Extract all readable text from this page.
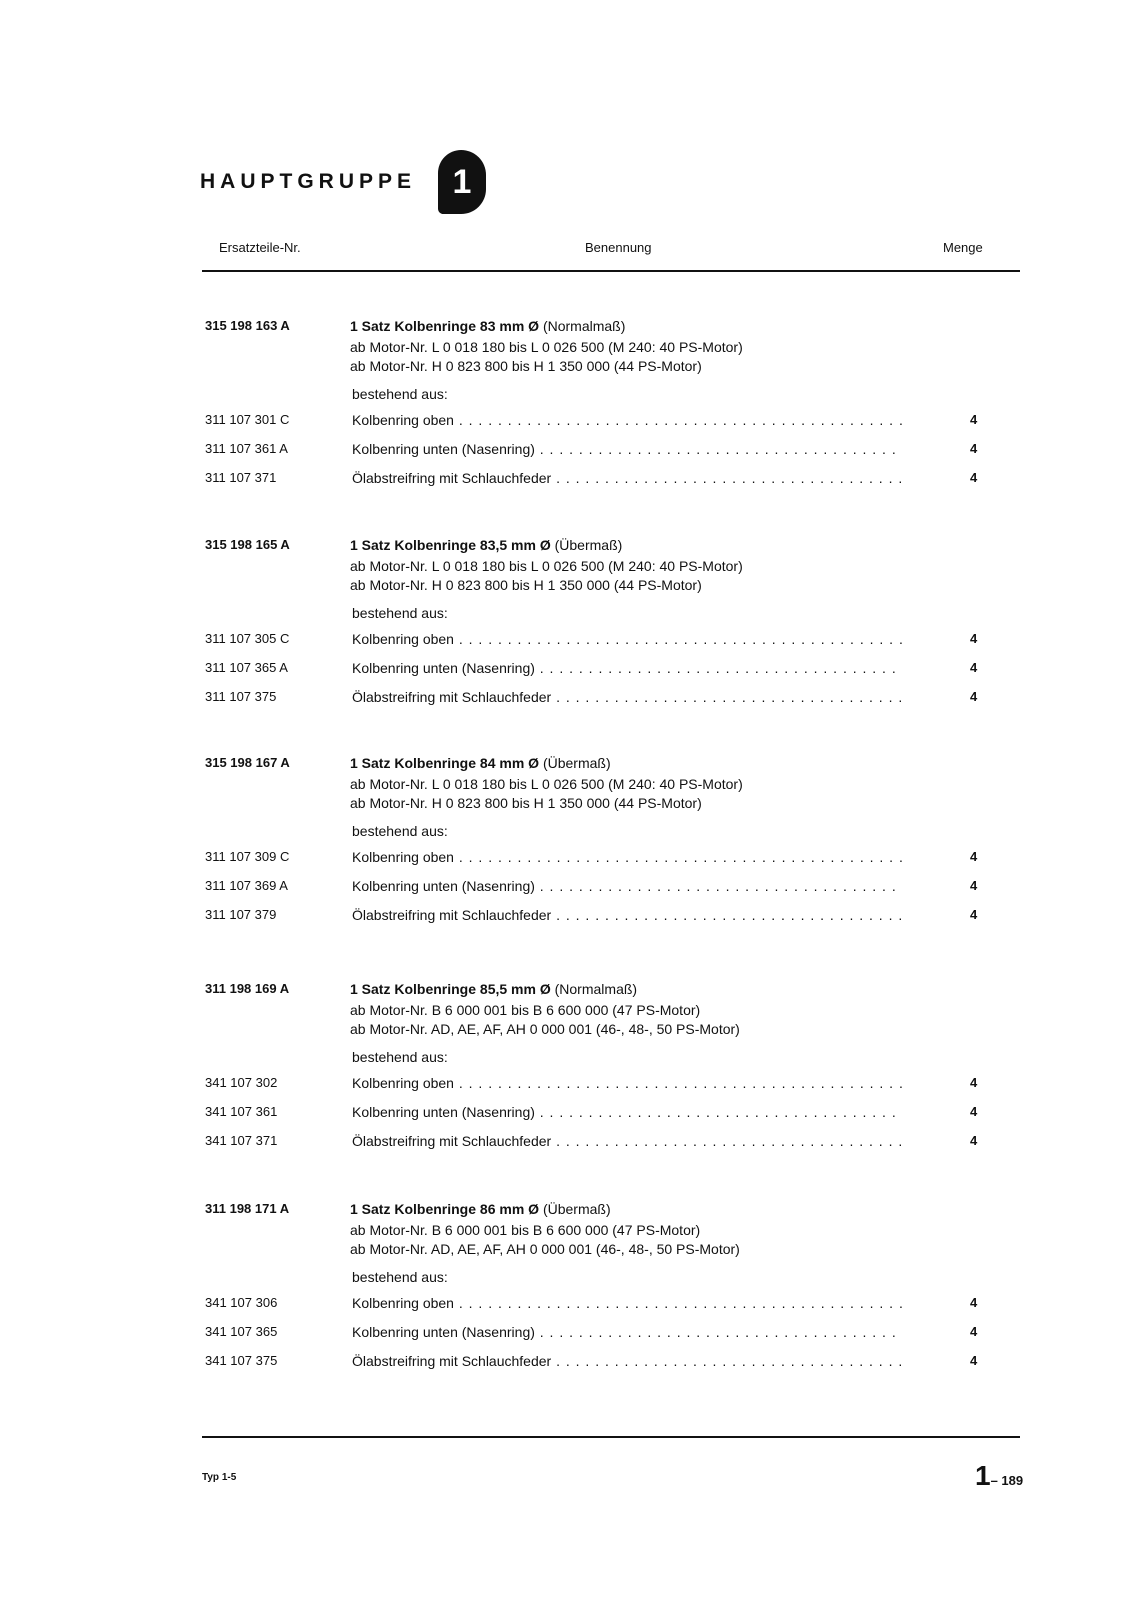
HAUPTGRUPPE	1
Ersatzteile-Nr.	Benennung	Menge
315 198 163 A	1 Satz Kolbenringe 83 mm Ø (Normalmaß)
ab Motor-Nr. L 0 018 180 bis L 0 026 500 (M 240: 40 PS-Motor)
ab Motor-Nr. H 0 823 800 bis H 1 350 000 (44 PS-Motor)
bestehend aus:
311 107 301 C	Kolbenring oben . . .	4
311 107 361 A	Kolbenring unten (Nasenring) . . .	4
311 107 371	Ölabstreifring mit Schlauchfeder . . .	4
315 198 165 A	1 Satz Kolbenringe 83,5 mm Ø (Übermaß)
ab Motor-Nr. L 0 018 180 bis L 0 026 500 (M 240: 40 PS-Motor)
ab Motor-Nr. H 0 823 800 bis H 1 350 000 (44 PS-Motor)
bestehend aus:
311 107 305 C	Kolbenring oben . . .	4
311 107 365 A	Kolbenring unten (Nasenring) . . .	4
311 107 375	Ölabstreifring mit Schlauchfeder . . .	4
315 198 167 A	1 Satz Kolbenringe 84 mm Ø (Übermaß)
ab Motor-Nr. L 0 018 180 bis L 0 026 500 (M 240: 40 PS-Motor)
ab Motor-Nr. H 0 823 800 bis H 1 350 000 (44 PS-Motor)
bestehend aus:
311 107 309 C	Kolbenring oben . . .	4
311 107 369 A	Kolbenring unten (Nasenring) . . .	4
311 107 379	Ölabstreifring mit Schlauchfeder . . .	4
311 198 169 A	1 Satz Kolbenringe 85,5 mm Ø (Normalmaß)
ab Motor-Nr. B 6 000 001 bis B 6 600 000 (47 PS-Motor)
ab Motor-Nr. AD, AE, AF, AH 0 000 001 (46-, 48-, 50 PS-Motor)
bestehend aus:
341 107 302	Kolbenring oben . . .	4
341 107 361	Kolbenring unten (Nasenring) . . .	4
341 107 371	Ölabstreifring mit Schlauchfeder . . .	4
311 198 171 A	1 Satz Kolbenringe 86 mm Ø (Übermaß)
ab Motor-Nr. B 6 000 001 bis B 6 600 000 (47 PS-Motor)
ab Motor-Nr. AD, AE, AF, AH 0 000 001 (46-, 48-, 50 PS-Motor)
bestehend aus:
341 107 306	Kolbenring oben . . .	4
341 107 365	Kolbenring unten (Nasenring) . . .	4
341 107 375	Ölabstreifring mit Schlauchfeder . . .	4
Typ 1-5	1– 189
